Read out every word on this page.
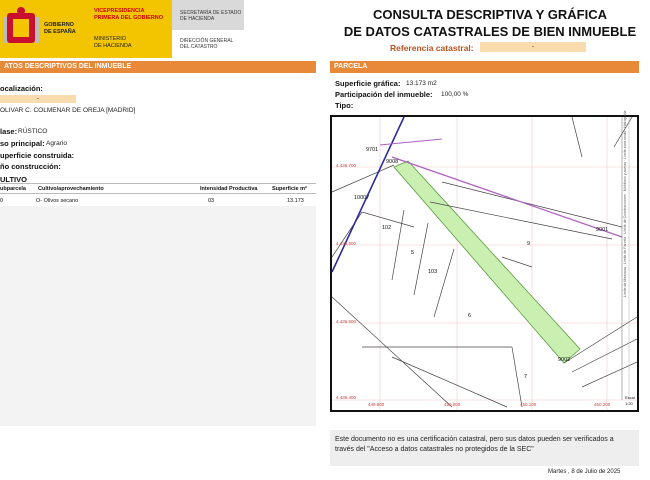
GOBIERNO
DE ESPAÑA
VICEPRESIDENCIA
PRIMERA DEL GOBIERNO
MINISTERIO
DE HACIENDA
SECRETARÍA DE ESTADO
DE HACIENDA
DIRECCIÓN GENERAL
DEL CATASTRO
CONSULTA DESCRIPTIVA Y GRÁFICA
DE DATOS CATASTRALES DE BIEN INMUEBLE
Referencia catastral:	-
ATOS DESCRIPTIVOS DEL INMUEBLE	PARCELA
ocalización:
-
OLIVAR C. COLMENAR DE OREJA [MADRID]
lase: RÚSTICO
so principal: Agrario
uperficie construida:
ño construcción:
ULTIVO
ubparcela Cultivo/aprovechamiento	Intensidad Productiva	Superficie m²
0	O- Olivos secano	03	13.173
Superficie gráfica: 13.173 m2
Participación del inmueble: 100,00 %
Tipo:
9701
9008
10007
102
5
103
9
9001
6
9002
7
4.436.700
4.436.600
4.436.500
4.436.400
449.900	450.000	450.100	450.200
Límite de Manzana · Límite de Parcela · Límite de Construcciones · Mobiliario y aceras · Límite zona verde · Hidrografía
Escal
1:20
Este documento no es una certificación catastral, pero sus datos pueden ser verificados a través del "Acceso a datos catastrales no protegidos de la SEC"
Martes , 8 de Julio de 2025
